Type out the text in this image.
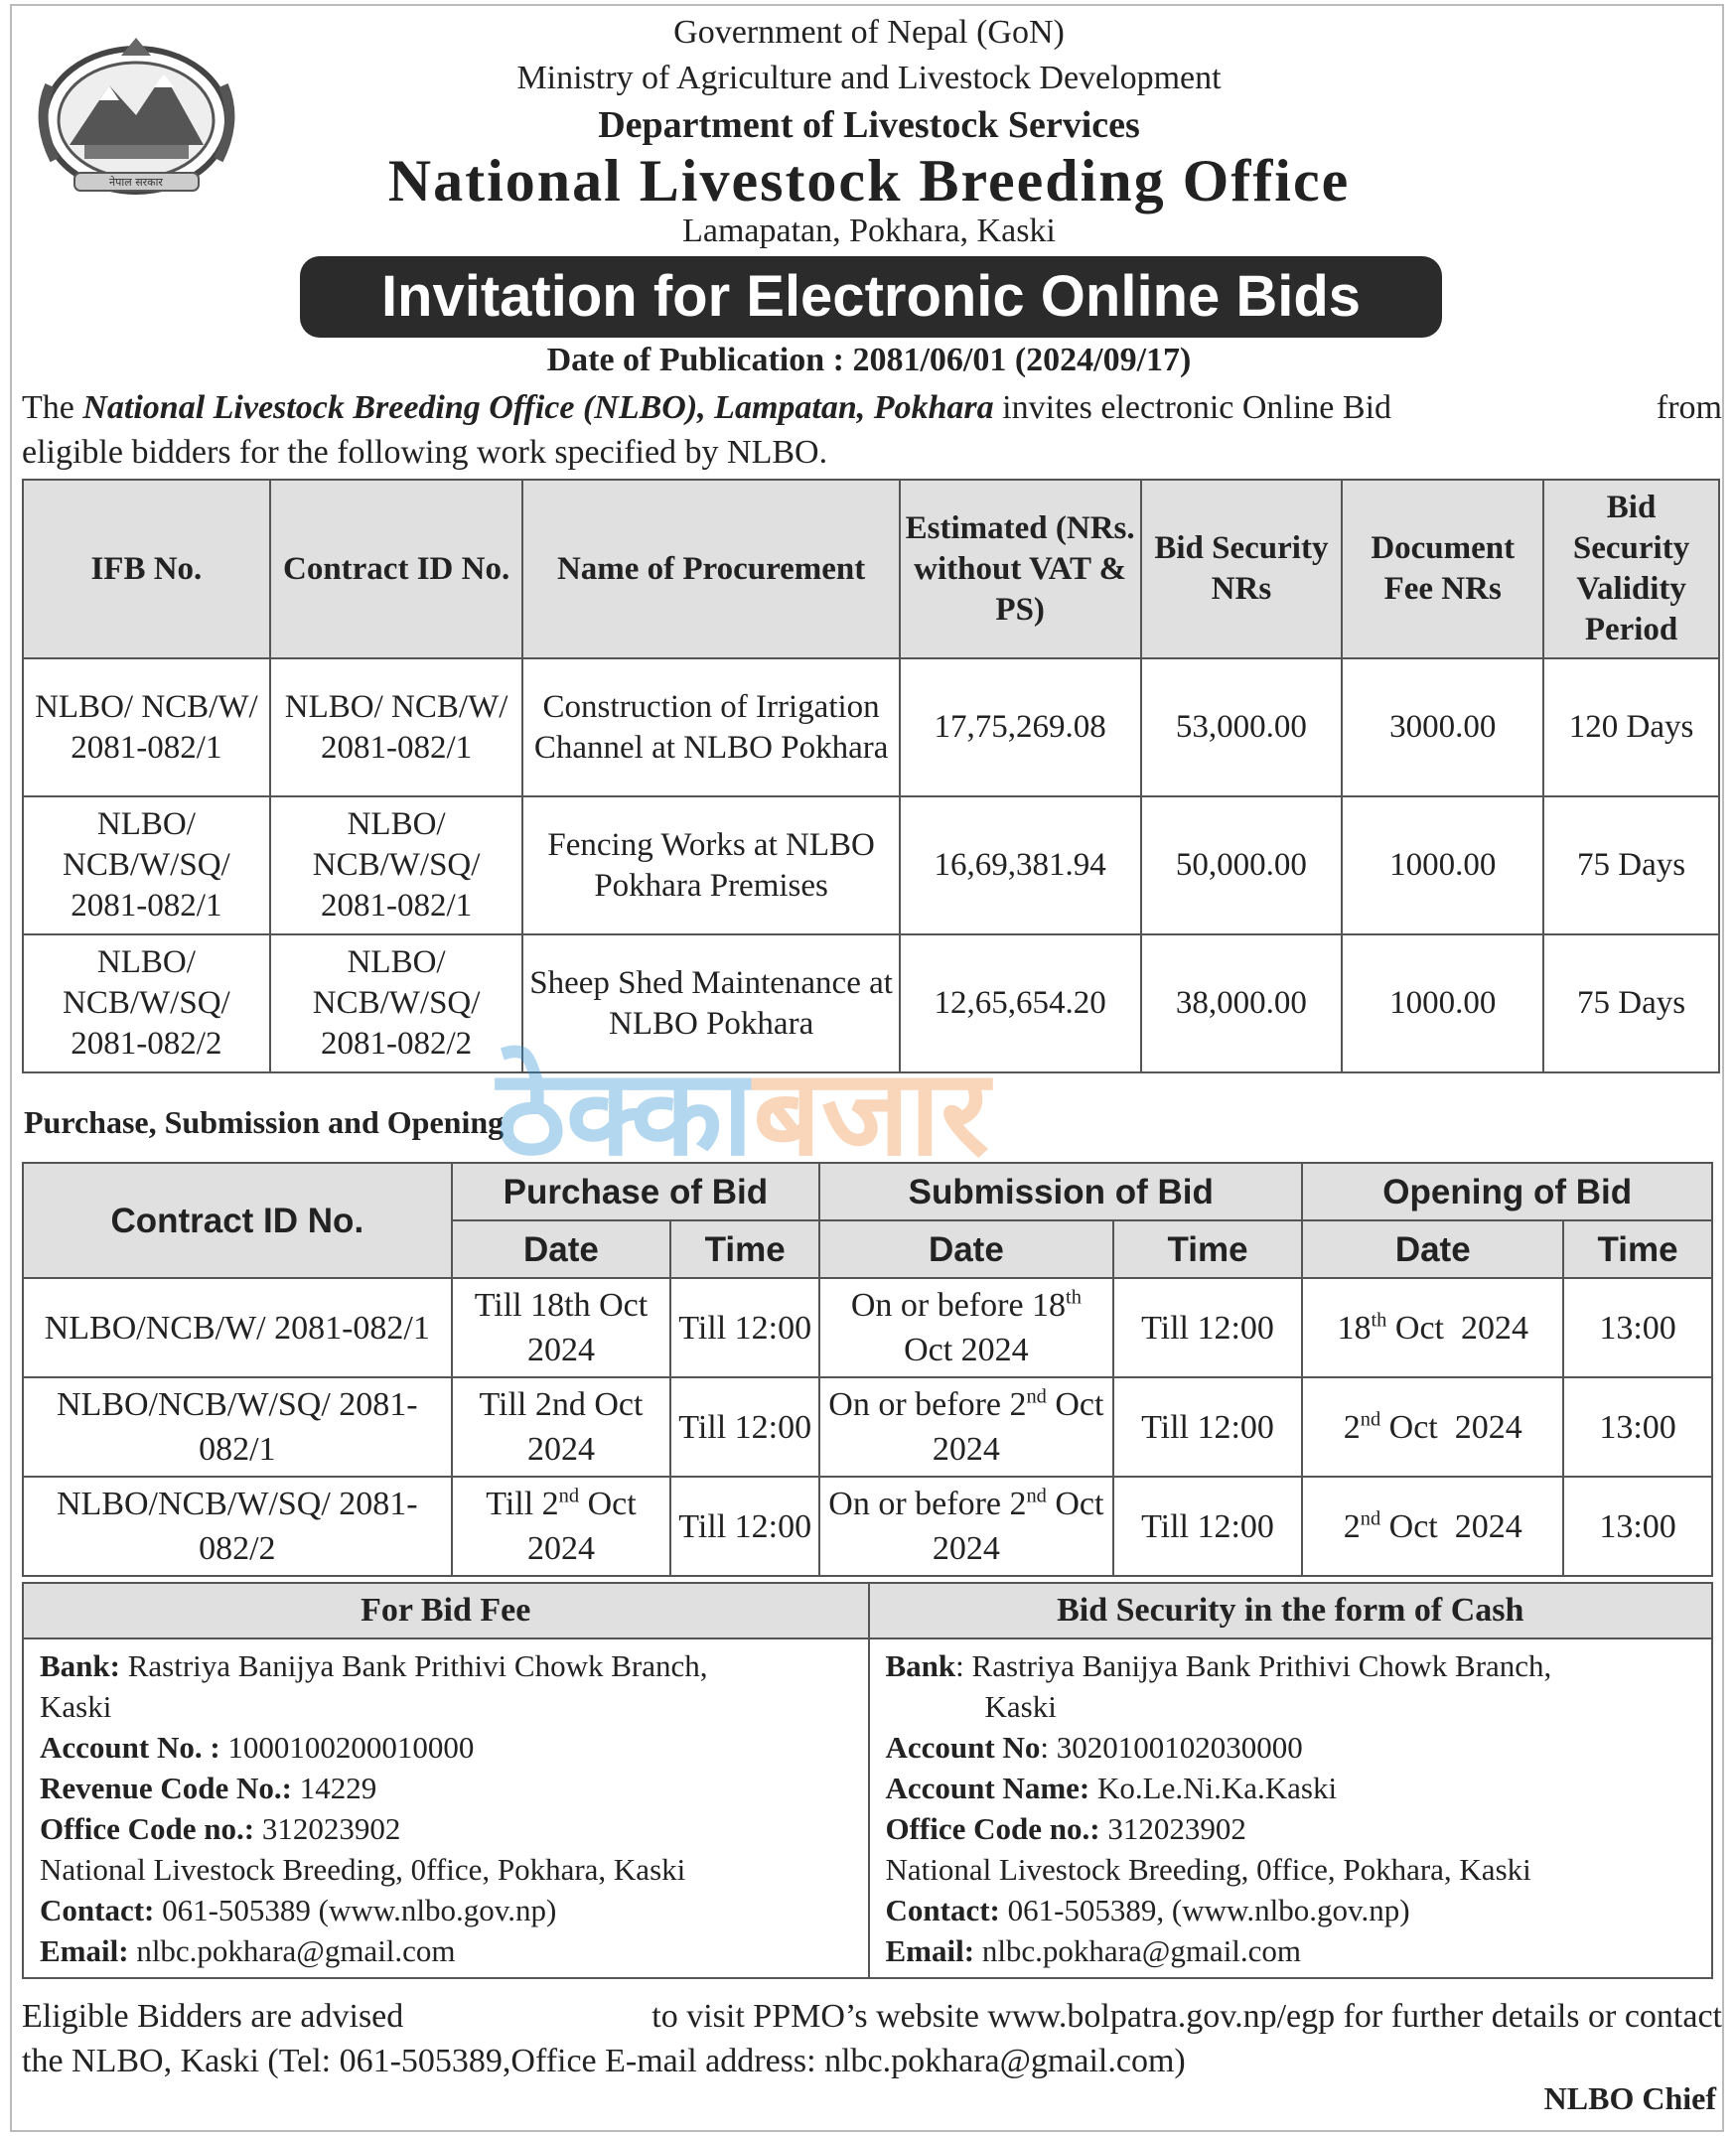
नेपाल सरकार
Government of Nepal (GoN)
Ministry of Agriculture and Livestock Development
Department of Livestock Services
National Livestock Breeding Office
Lamapatan, Pokhara, Kaski
Invitation for Electronic Online Bids
Date of Publication : 2081/06/01 (2024/09/17)
The National Livestock Breeding Office (NLBO), Lampatan, Pokhara invites electronic Online Bid	from
eligible bidders for the following work specified by NLBO.
IFB No.	Contract ID No.	Name of Procurement	Estimated (NRs. without VAT & PS)	Bid Security NRs	Document Fee NRs	Bid Security Validity Period
NLBO/ NCB/W/ 2081-082/1	NLBO/ NCB/W/ 2081-082/1	Construction of Irrigation Channel at NLBO Pokhara	17,75,269.08	53,000.00	3000.00	120 Days
NLBO/ NCB/W/SQ/ 2081-082/1	NLBO/ NCB/W/SQ/ 2081-082/1	Fencing Works at NLBO Pokhara Premises	16,69,381.94	50,000.00	1000.00	75 Days
NLBO/ NCB/W/SQ/ 2081-082/2	NLBO/ NCB/W/SQ/ 2081-082/2	Sheep Shed Maintenance at NLBO Pokhara	12,65,654.20	38,000.00	1000.00	75 Days
Purchase, Submission and Opening
Contract ID No.	Purchase of Bid		Submission of Bid		Opening of Bid	
	Date	Time	Date	Time	Date	Time
NLBO/NCB/W/ 2081-082/1	Till 18th Oct 2024	Till 12:00	On or before 18th Oct 2024	Till 12:00	18th Oct  2024	13:00
NLBO/NCB/W/SQ/ 2081-082/1	Till 2nd Oct 2024	Till 12:00	On or before 2nd Oct 2024	Till 12:00	2nd Oct  2024	13:00
NLBO/NCB/W/SQ/ 2081-082/2	Till 2nd Oct 2024	Till 12:00	On or before 2nd Oct 2024	Till 12:00	2nd Oct  2024	13:00
For Bid Fee
Bank: Rastriya Banijya Bank Prithivi Chowk Branch,
Kaski
Account No. : 1000100200010000
Revenue Code No.: 14229
Office Code no.: 312023902
National Livestock Breeding, 0ffice, Pokhara, Kaski
Contact: 061-505389 (www.nlbo.gov.np)
Email: nlbc.pokhara@gmail.com
Bid Security in the form of Cash
Bank: Rastriya Banijya Bank Prithivi Chowk Branch,
Kaski
Account No: 3020100102030000
Account Name: Ko.Le.Ni.Ka.Kaski
Office Code no.: 312023902
National Livestock Breeding, 0ffice, Pokhara, Kaski
Contact: 061-505389, (www.nlbo.gov.np)
Email: nlbc.pokhara@gmail.com
Eligible Bidders are advised	to visit PPMO’s website www.bolpatra.gov.np/egp for further details or contact
the NLBO, Kaski (Tel: 061-505389,Office E-mail address: nlbc.pokhara@gmail.com)
NLBO Chief
ठेक्काबजार
